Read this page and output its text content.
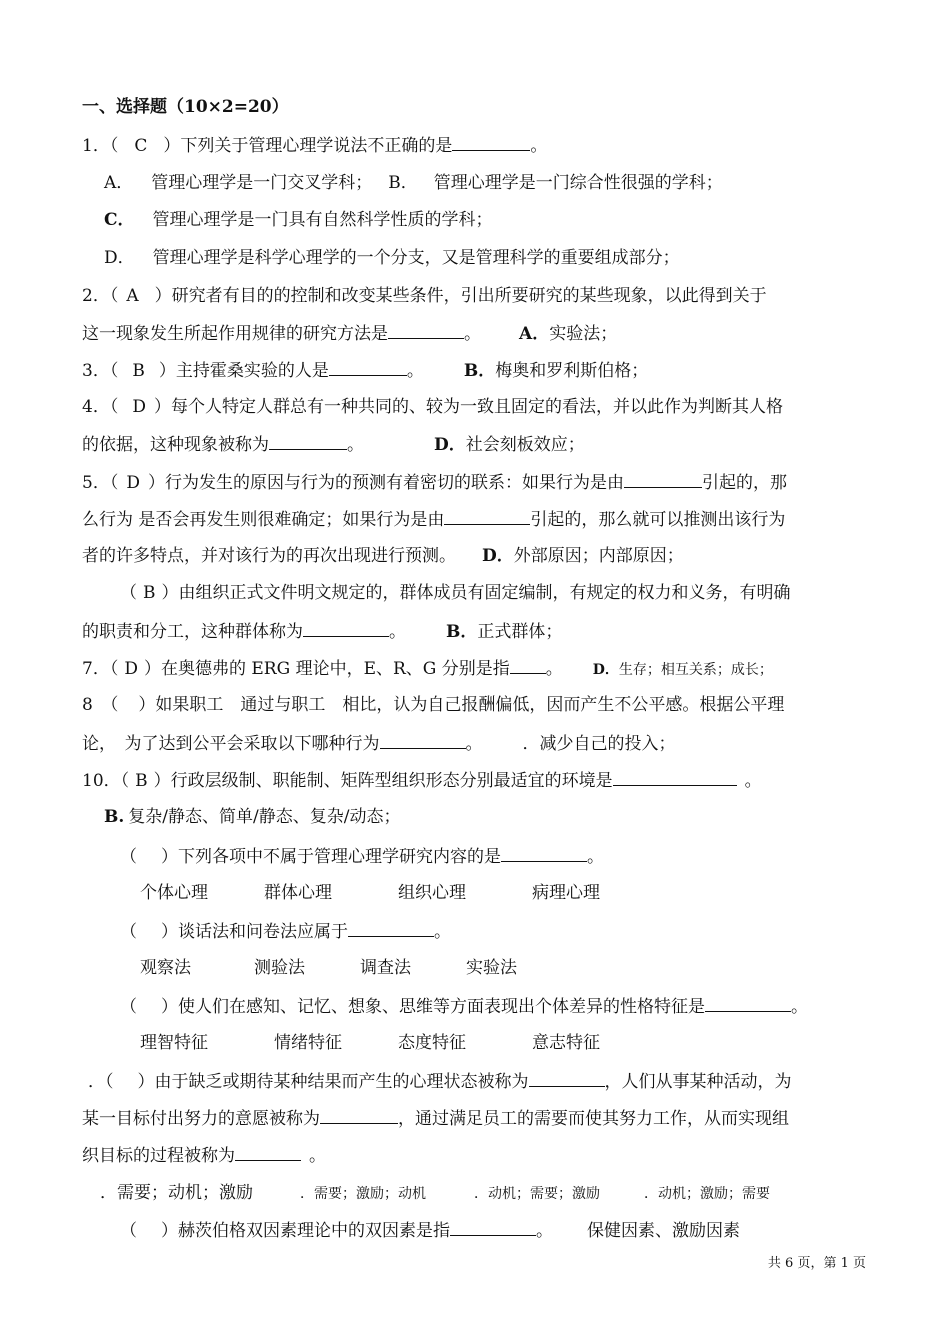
一、选择题（10×2=20）
1．（ C ）下列关于管理心理学说法不正确的是	。
A． 管理心理学是一门交叉学科； B． 管理心理学是一门综合性很强的学科；
C． 管理心理学是一门具有自然科学性质的学科；
D． 管理心理学是科学心理学的一个分支，又是管理科学的重要组成部分；
2．（ A ）研究者有目的的控制和改变某些条件，引出所要研究的某些现象，以此得到关于
这一现象发生所起作用规律的研究方法是	。 A．实验法；
3．（ B ）主持霍桑实验的人是	。 B．梅奥和罗利斯伯格；
4．（ D ）每个人特定人群总有一种共同的、较为一致且固定的看法，并以此作为判断其人格
的依据，这种现象被称为	。	D．社会刻板效应；
5．（ D ）行为发生的原因与行为的预测有着密切的联系：如果行为是由	引起的，那
么行为 是否会再发生则很难确定；如果行为是由	引起的，那么就可以推测出该行为
者的许多特点，并对该行为的再次出现进行预测。 D．外部原因；内部原因；
（ B ）由组织正式文件明文规定的，群体成员有固定编制，有规定的权力和义务，有明确
的职责和分工，这种群体称为	。 B．正式群体；
7．（ D ）在奥德弗的 ERG 理论中，E、R、G 分别是指 。 D．生存；相互关系；成长；
8　（ ）如果职工　通过与职工　相比，认为自己报酬偏低，因而产生不公平感。根据公平理
论，　为了达到公平会采取以下哪种行为	。 ．减少自己的投入；
10．（ B ）行政层级制、职能制、矩阵型组织形态分别最适宜的环境是	。
B. 复杂/静态、简单/静态、复杂/动态；
（ ）下列各项中不属于管理心理学研究内容的是	。
个体心理	群体心理	组织心理	病理心理
（ ）谈话法和问卷法应属于	。
观察法	测验法	调查法	实验法
（ ）使人们在感知、记忆、想象、思维等方面表现出个体差异的性格特征是	。
理智特征	情绪特征	态度特征	意志特征
．（ ）由于缺乏或期待某种结果而产生的心理状态被称为	，人们从事某种活动，为
某一目标付出努力的意愿被称为	，通过满足员工的需要而使其努力工作，从而实现组
织目标的过程被称为	。
．需要；动机；激励	．需要；激励；动机	．动机；需要；激励	．动机；激励；需要
（ ）赫茨伯格双因素理论中的双因素是指	。 保健因素、激励因素
共 6 页，第 1 页
